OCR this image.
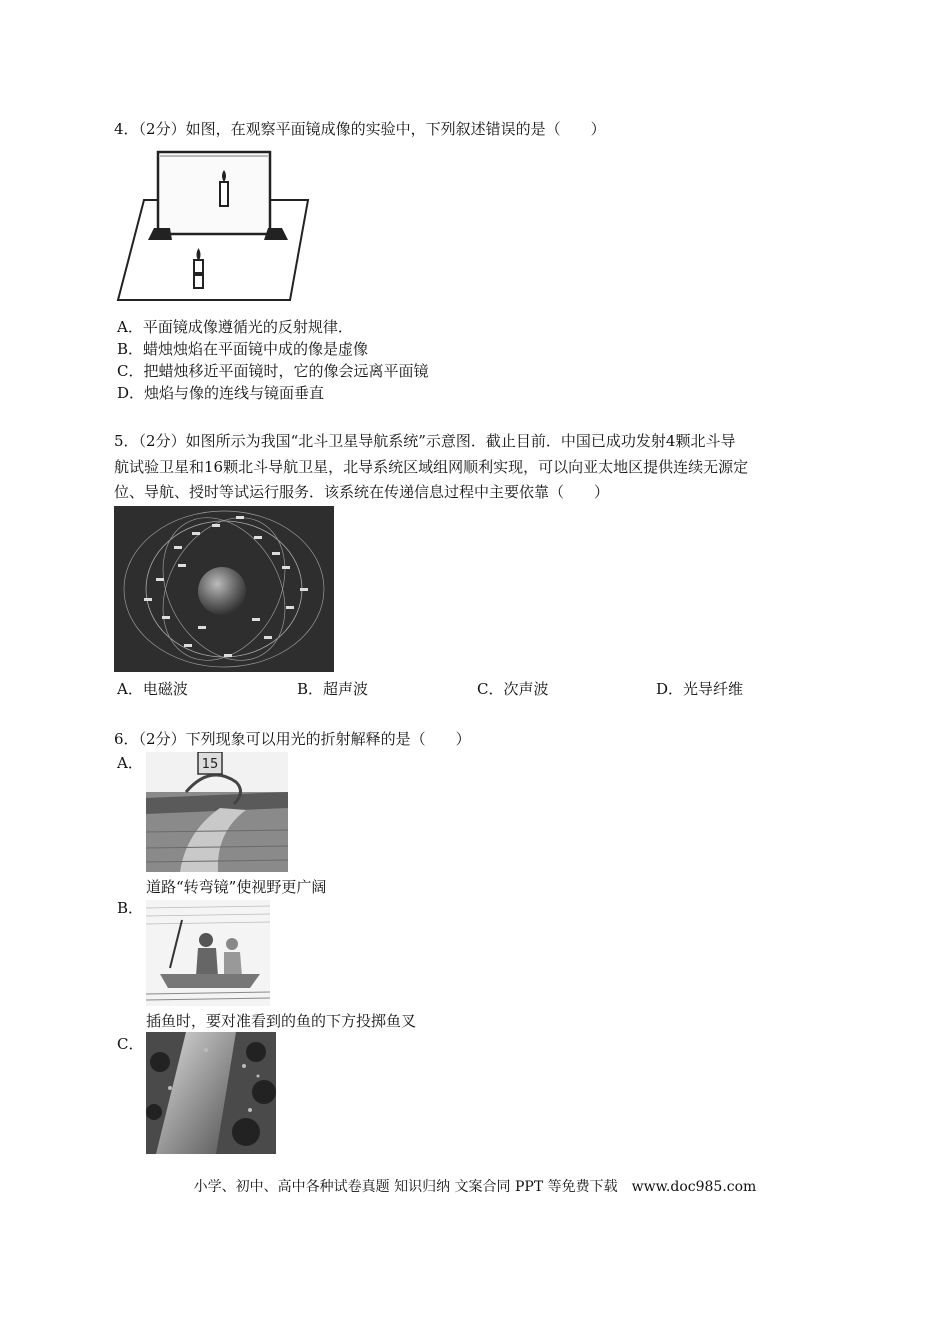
4．（2分）如图，在观察平面镜成像的实验中，下列叙述错误的是（　　）
A．平面镜成像遵循光的反射规律．
B．蜡烛烛焰在平面镜中成的像是虚像
C．把蜡烛移近平面镜时，它的像会远离平面镜
D．烛焰与像的连线与镜面垂直
5．（2分）如图所示为我国“北斗卫星导航系统”示意图．截止目前．中国已成功发射4颗北斗导
航试验卫星和16颗北斗导航卫星，北导系统区域组网顺利实现，可以向亚太地区提供连续无源定
位、导航、授时等试运行服务．该系统在传递信息过程中主要依靠（　　）
A．电磁波	B．超声波	C．次声波	D．光导纤维
6．（2分）下列现象可以用光的折射解释的是（　　）
A．	15
道路“转弯镜”使视野更广阔
B．
插鱼时，要对准看到的鱼的下方投掷鱼叉
C．
小学、初中、高中各种试卷真题 知识归纳 文案合同 PPT 等免费下载　www.doc985.com
